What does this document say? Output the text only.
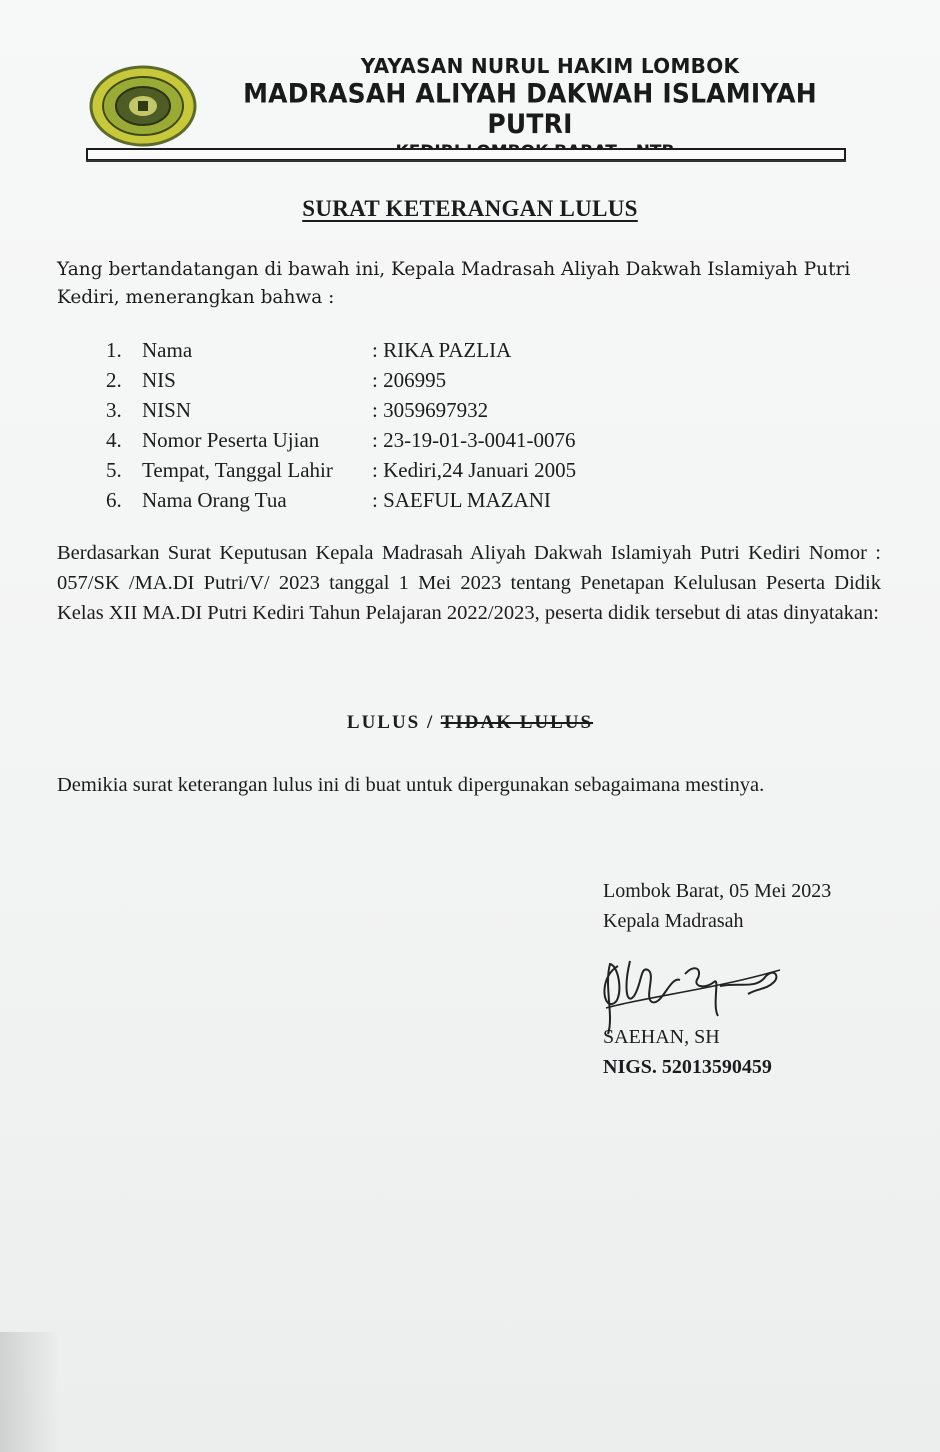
YAYASAN NURUL HAKIM LOMBOK
MADRASAH ALIYAH DAKWAH ISLAMIYAH PUTRI
SURAT KETERANGAN LULUS
Yang bertandatangan di bawah ini, Kepala Madrasah Aliyah Dakwah Islamiyah Putri Kediri, menerangkan bahwa :
1. Nama	: RIKA PAZLIA
2. NIS	: 206995
3. NISN	: 3059697932
4. Nomor Peserta Ujian	: 23-19-01-3-0041-0076
5. Tempat, Tanggal Lahir : Kediri,24 Januari 2005
6. Nama Orang Tua	: SAEFUL MAZANI
Berdasarkan Surat Keputusan Kepala Madrasah Aliyah Dakwah Islamiyah Putri Kediri Nomor : 057/SK /MA.DI Putri/V/ 2023 tanggal 1 Mei 2023 tentang Penetapan Kelulusan Peserta Didik Kelas XII MA.DI Putri Kediri Tahun Pelajaran 2022/2023, peserta didik tersebut di atas dinyatakan:
LULUS / TIDAK LULUS
Demikia surat keterangan lulus ini di buat untuk dipergunakan sebagaimana mestinya.
Lombok Barat, 05 Mei 2023
Kepala Madrasah
SAEHAN, SH
NIGS. 52013590459
